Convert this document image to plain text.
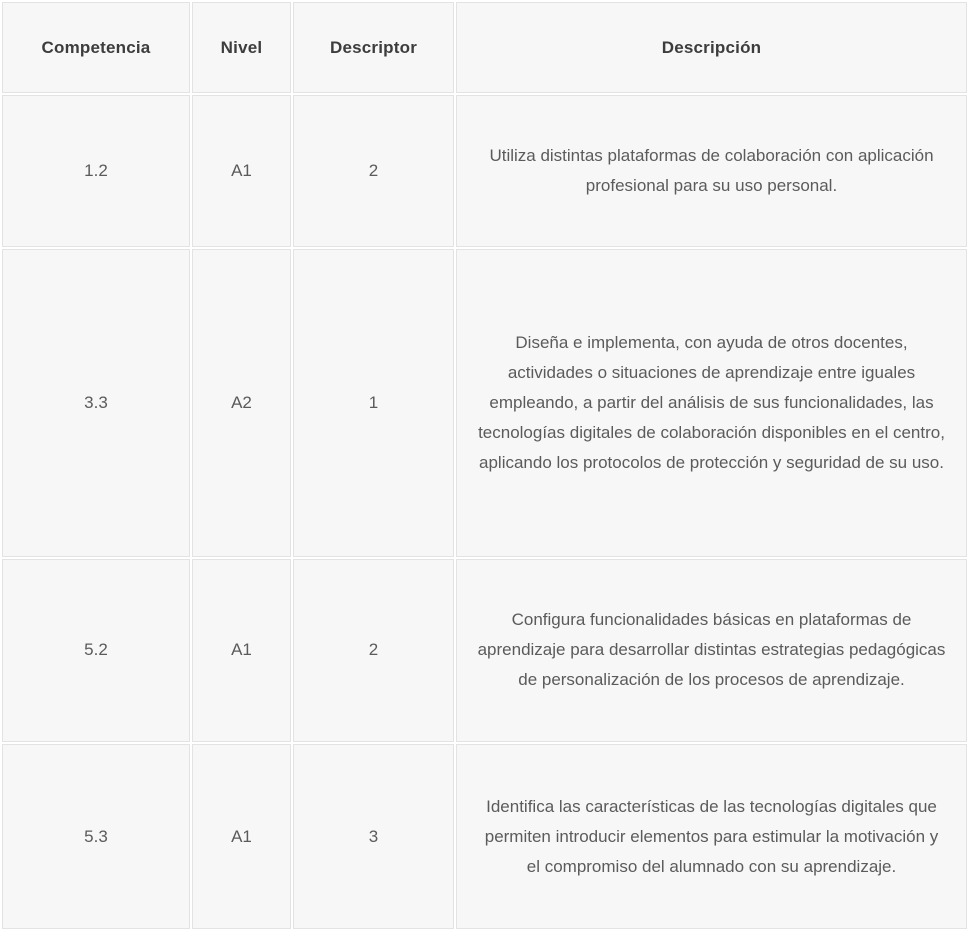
Competencia	Nivel	Descriptor	Descripción
1.2	A1	2	Utiliza distintas plataformas de colaboración con aplicación profesional para su uso personal.
3.3	A2	1	Diseña e implementa, con ayuda de otros docentes, actividades o situaciones de aprendizaje entre iguales empleando, a partir del análisis de sus funcionalidades, las tecnologías digitales de colaboración disponibles en el centro, aplicando los protocolos de protección y seguridad de su uso.
5.2	A1	2	Configura funcionalidades básicas en plataformas de aprendizaje para desarrollar distintas estrategias pedagógicas de personalización de los procesos de aprendizaje.
5.3	A1	3	Identifica las características de las tecnologías digitales que permiten introducir elementos para estimular la motivación y el compromiso del alumnado con su aprendizaje.
